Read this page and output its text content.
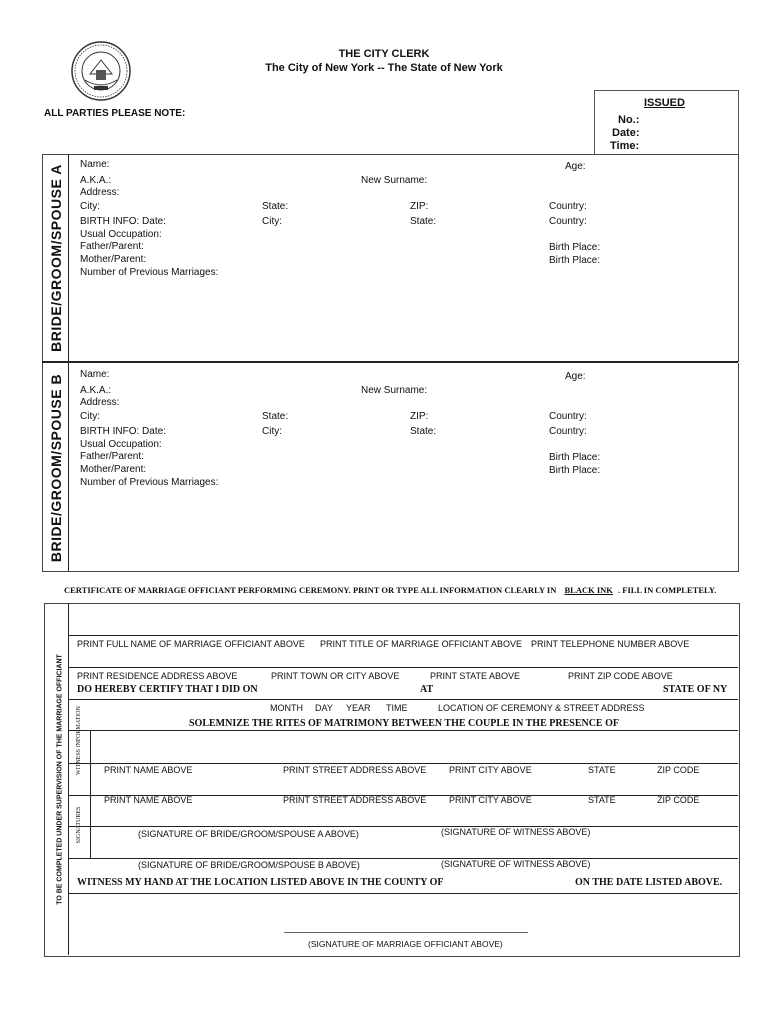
THE CITY CLERK
The City of New York -- The State of New York
ALL PARTIES PLEASE NOTE:
ISSUED
No.:
Date:
Time:
BRIDE/GROOM/SPOUSE A
BRIDE/GROOM/SPOUSE B
Name:	Age:
A.K.A.:	New Surname:
Address:
City:	State:	ZIP:	Country:
BIRTH INFO: Date:	City:	State:	Country:
Usual Occupation:
Father/Parent:	Birth Place:
Mother/Parent:	Birth Place:
Number of Previous Marriages:
Name:	Age:
A.K.A.:	New Surname:
Address:
City:	State:	ZIP:	Country:
BIRTH INFO: Date:	City:	State:	Country:
Usual Occupation:
Father/Parent:	Birth Place:
Mother/Parent:	Birth Place:
Number of Previous Marriages:
CERTIFICATE OF MARRIAGE OFFICIANT PERFORMING CEREMONY. PRINT OR TYPE ALL INFORMATION CLEARLY IN BLACK INK . FILL IN COMPLETELY.
TO BE COMPLETED UNDER SUPERVISION OF THE MARRIAGE OFFICIANT
PRINT FULL NAME OF MARRIAGE OFFICIANT ABOVE PRINT TITLE OF MARRIAGE OFFICIANT ABOVE PRINT TELEPHONE NUMBER ABOVE
PRINT RESIDENCE ADDRESS ABOVE	PRINT TOWN OR CITY ABOVE	PRINT STATE ABOVE	PRINT ZIP CODE ABOVE
DO HEREBY CERTIFY THAT I DID ON	AT	STATE OF NY
MONTH DAY YEAR TIME	LOCATION OF CEREMONY & STREET ADDRESS
SOLEMNIZE THE RITES OF MATRIMONY BETWEEN THE COUPLE IN THE PRESENCE OF
WITNESS INFORMATION
SIGNATURES
PRINT NAME ABOVE	PRINT STREET ADDRESS ABOVE	PRINT CITY ABOVE	STATE	ZIP CODE
PRINT NAME ABOVE	PRINT STREET ADDRESS ABOVE	PRINT CITY ABOVE	STATE	ZIP CODE
(SIGNATURE OF BRIDE/GROOM/SPOUSE A ABOVE)	(SIGNATURE OF WITNESS ABOVE)
(SIGNATURE OF BRIDE/GROOM/SPOUSE B ABOVE)	(SIGNATURE OF WITNESS ABOVE)
WITNESS MY HAND AT THE LOCATION LISTED ABOVE IN THE COUNTY OF	ON THE DATE LISTED ABOVE.
(SIGNATURE OF MARRIAGE OFFICIANT ABOVE)
